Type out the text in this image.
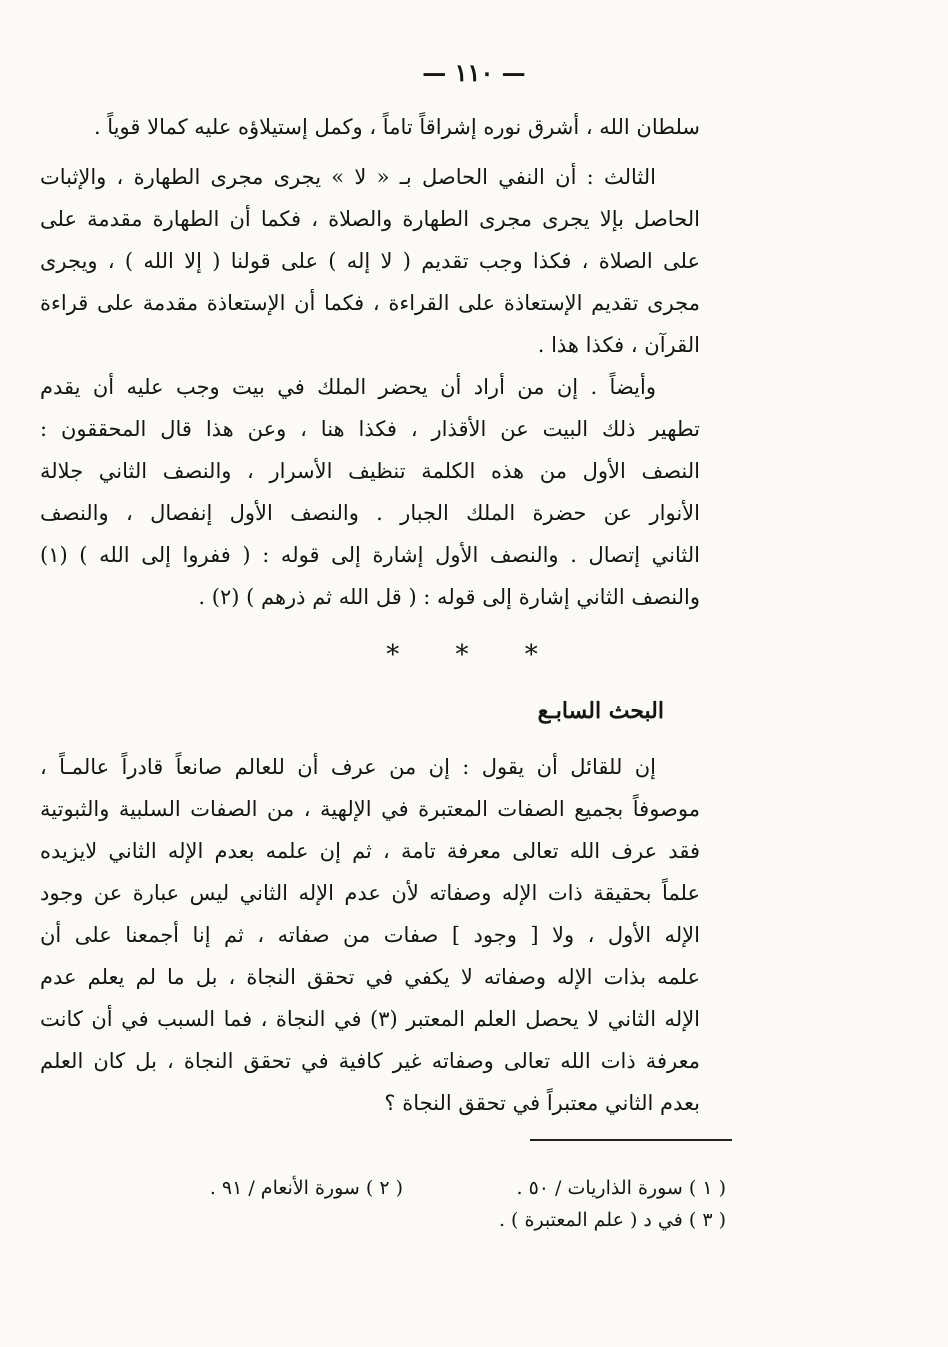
— ١١٠ —
سلطان الله ، أشرق نوره إشراقاً تاماً ، وكمل إستيلاؤه عليه كمالا قوياً .
الثالث : أن النفي الحاصل بـ « لا » يجرى مجرى الطهارة ، والإثبات
الحاصل بإلا يجرى مجرى الطهارة والصلاة ، فكما أن الطهارة مقدمة على
على الصلاة ، فكذا وجب تقديم ( لا إله ) على قولنا ( إلا الله ) ، ويجرى
مجرى تقديم الإستعاذة على القراءة ، فكما أن الإستعاذة مقدمة على قراءة
القرآن ، فكذا هذا .
وأيضاً . إن من أراد أن يحضر الملك في بيت وجب عليه أن يقدم
تطهير ذلك البيت عن الأقذار ، فكذا هنا ، وعن هذا قال المحققون :
النصف الأول من هذه الكلمة تنظيف الأسرار ، والنصف الثاني جلالة
الأنوار عن حضرة الملك الجبار . والنصف الأول إنفصال ، والنصف
الثاني إتصال . والنصف الأول إشارة إلى قوله : ( ففروا إلى الله ) (١)
والنصف الثاني إشارة إلى قوله : ( قل الله ثم ذرهم ) (٢) .
* * *
البحث السابـع
إن للقائل أن يقول : إن من عرف أن للعالم صانعاً قادراً عالمـاً ،
موصوفاً بجميع الصفات المعتبرة في الإلهية ، من الصفات السلبية والثبوتية
فقد عرف الله تعالى معرفة تامة ، ثم إن علمه بعدم الإله الثاني لايزيده
علماً بحقيقة ذات الإله وصفاته لأن عدم الإله الثاني ليس عبارة عن وجود
الإله الأول ، ولا [ وجود ] صفات من صفاته ، ثم إنا أجمعنا على أن
علمه بذات الإله وصفاته لا يكفي في تحقق النجاة ، بل ما لم يعلم عدم
الإله الثاني لا يحصل العلم المعتبر (٣) في النجاة ، فما السبب في أن كانت
معرفة ذات الله تعالى وصفاته غير كافية في تحقق النجاة ، بل كان العلم
بعدم الثاني معتبراً في تحقق النجاة ؟
( ١ ) سورة الذاريات / ٥٠ .
( ٢ ) سورة الأنعام / ٩١ .
( ٣ ) في د ( علم المعتبرة ) .
